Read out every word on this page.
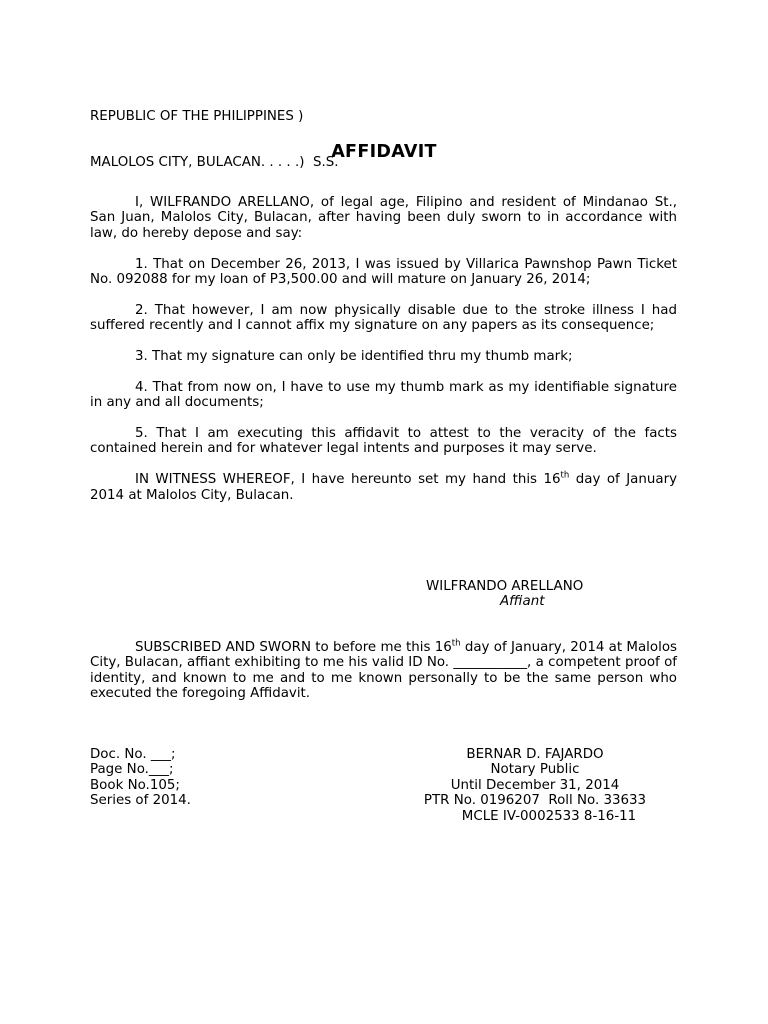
REPUBLIC OF THE PHILIPPINES )

MALOLOS CITY, BULACAN. . . . .)  S.S.

AFFIDAVIT

I, WILFRANDO ARELLANO, of legal age, Filipino and resident of Mindanao St., San Juan, Malolos City, Bulacan, after having been duly sworn to in accordance with law, do hereby depose and say:

1. That on December 26, 2013, I was issued by Villarica Pawnshop Pawn Ticket No. 092088 for my loan of P3,500.00 and will mature on January 26, 2014;

2. That however, I am now physically disable due to the stroke illness I had suffered recently and I cannot affix my signature on any papers as its consequence;

3. That my signature can only be identified thru my thumb mark;

4. That from now on, I have to use my thumb mark as my identifiable signature in any and all documents;

5. That I am executing this affidavit to attest to the veracity of the facts contained herein and for whatever legal intents and purposes it may serve.

IN WITNESS WHEREOF, I have hereunto set my hand this 16th day of January 2014 at Malolos City, Bulacan.

WILFRANDO ARELLANO
Affiant

SUBSCRIBED AND SWORN to before me this 16th day of January, 2014 at Malolos City, Bulacan, affiant exhibiting to me his valid ID No. ___________, a competent proof of identity, and known to me and to me known personally to be the same person who executed the foregoing Affidavit.

Doc. No. ___;
Page No.___;
Book No.105;
Series of 2014.
BERNAR D. FAJARDO
Notary Public
Until December 31, 2014
PTR No. 0196207  Roll No. 33633
MCLE IV-0002533 8-16-11
